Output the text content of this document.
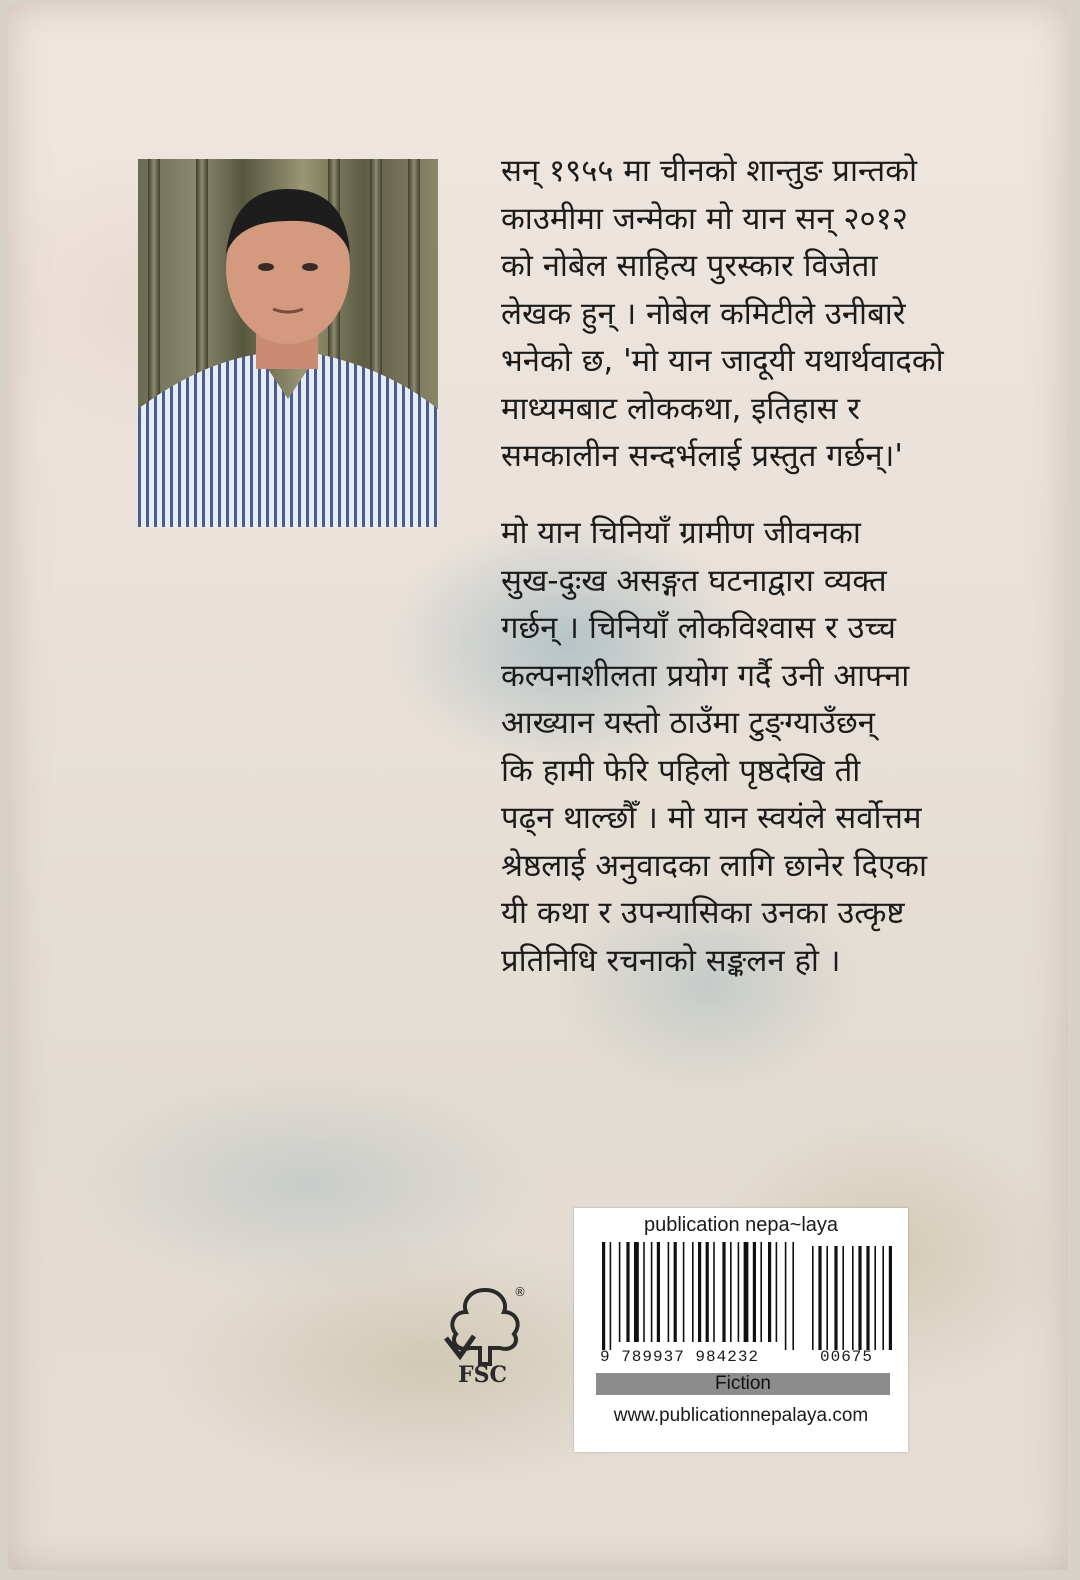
सन् १९५५ मा चीनको शान्तुङ प्रान्तको
काउमीमा जन्मेका मो यान सन् २०१२
को नोबेल साहित्य पुरस्कार विजेता
लेखक हुन् । नोबेल कमिटीले उनीबारे
भनेको छ, 'मो यान जादूयी यथार्थवादको
माध्यमबाट लोककथा, इतिहास र
समकालीन सन्दर्भलाई प्रस्तुत गर्छन्।'
मो यान चिनियाँ ग्रामीण जीवनका
सुख-दुःख असङ्गत घटनाद्वारा व्यक्त
गर्छन् । चिनियाँ लोकविश्वास र उच्च
कल्पनाशीलता प्रयोग गर्दै उनी आफ्ना
आख्यान यस्तो ठाउँमा टुङ्ग्याउँछन्
कि हामी फेरि पहिलो पृष्ठदेखि ती
पढ्न थाल्छौँ । मो यान स्वयंले सर्वोत्तम
श्रेष्ठलाई अनुवादका लागि छानेर दिएका
यी कथा र उपन्यासिका उनका उत्कृष्ट
प्रतिनिधि रचनाको सङ्कलन हो ।
FSC
®
publication nepa~laya
9 789937 984232	00675
Fiction
www.publicationnepalaya.com
